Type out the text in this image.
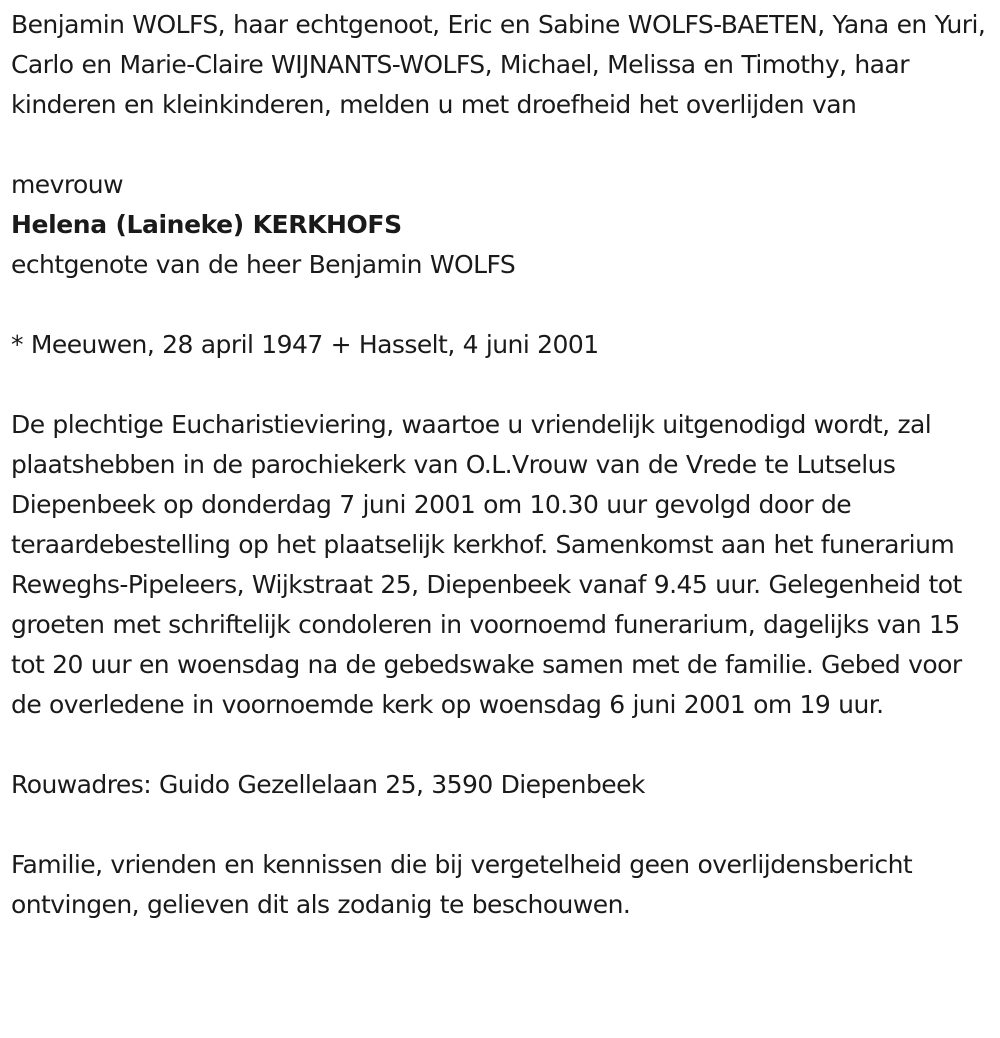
Benjamin WOLFS, haar echtgenoot, Eric en Sabine WOLFS-BAETEN, Yana en Yuri, Carlo en Marie-Claire WIJNANTS-WOLFS, Michael, Melissa en Timothy, haar kinderen en kleinkinderen, melden u met droefheid het overlijden van

mevrouw

Helena (Laineke) KERKHOFS

echtgenote van de heer Benjamin WOLFS

* Meeuwen, 28 april 1947 + Hasselt, 4 juni 2001

De plechtige Eucharistieviering, waartoe u vriendelijk uitgenodigd wordt, zal plaatshebben in de parochiekerk van O.L.Vrouw van de Vrede te Lutselus Diepenbeek op donderdag 7 juni 2001 om 10.30 uur gevolgd door de teraardebestelling op het plaatselijk kerkhof. Samenkomst aan het funerarium Reweghs-Pipeleers, Wijkstraat 25, Diepenbeek vanaf 9.45 uur. Gelegenheid tot groeten met schriftelijk condoleren in voornoemd funerarium, dagelijks van 15 tot 20 uur en woensdag na de gebedswake samen met de familie. Gebed voor de overledene in voornoemde kerk op woensdag 6 juni 2001 om 19 uur.

Rouwadres: Guido Gezellelaan 25, 3590 Diepenbeek

Familie, vrienden en kennissen die bij vergetelheid geen overlijdensbericht ontvingen, gelieven dit als zodanig te beschouwen.
